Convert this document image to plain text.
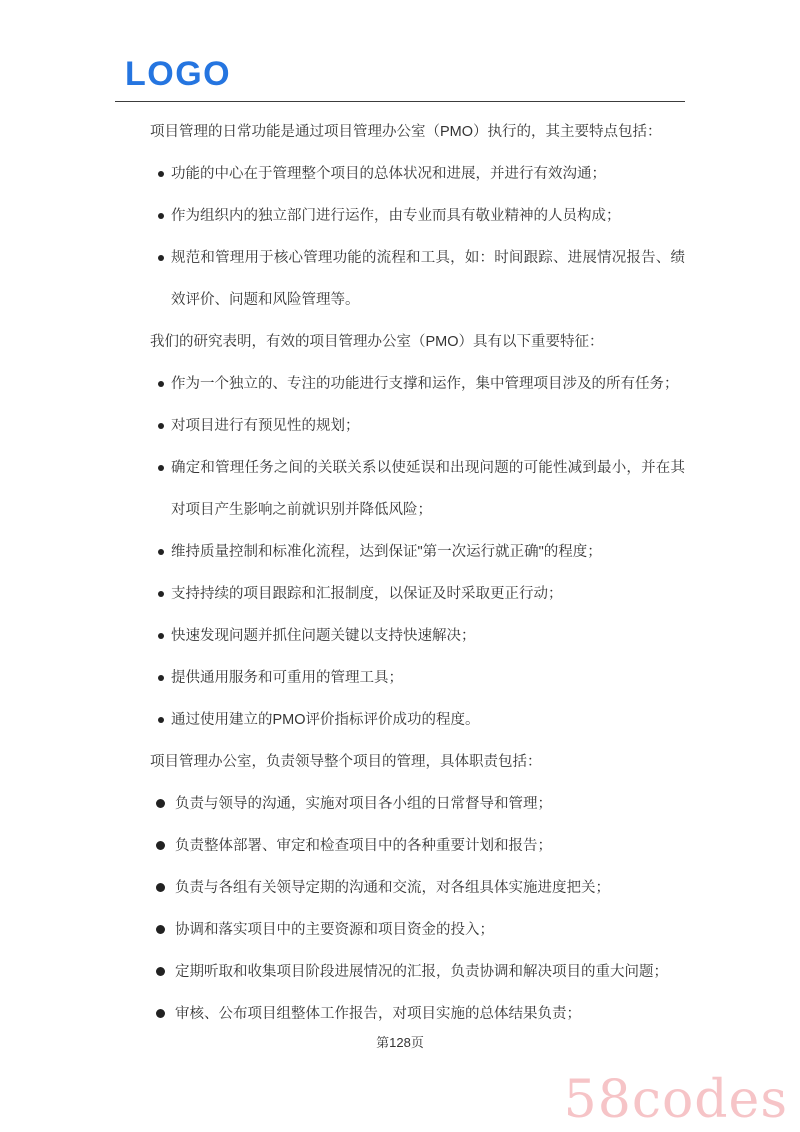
LOGO

项目管理的日常功能是通过项目管理办公室（PMO）执行的，其主要特点包括：

功能的中心在于管理整个项目的总体状况和进展，并进行有效沟通；
作为组织内的独立部门进行运作，由专业而具有敬业精神的人员构成；
规范和管理用于核心管理功能的流程和工具，如：时间跟踪、进展情况报告、绩效评价、问题和风险管理等。

我们的研究表明，有效的项目管理办公室（PMO）具有以下重要特征：

作为一个独立的、专注的功能进行支撑和运作，集中管理项目涉及的所有任务；
对项目进行有预见性的规划；
确定和管理任务之间的关联关系以使延误和出现问题的可能性减到最小，并在其对项目产生影响之前就识别并降低风险；
维持质量控制和标准化流程，达到保证"第一次运行就正确"的程度；
支持持续的项目跟踪和汇报制度，以保证及时采取更正行动；
快速发现问题并抓住问题关键以支持快速解决；
提供通用服务和可重用的管理工具；
通过使用建立的PMO评价指标评价成功的程度。

项目管理办公室，负责领导整个项目的管理，具体职责包括：

负责与领导的沟通，实施对项目各小组的日常督导和管理；
负责整体部署、审定和检查项目中的各种重要计划和报告；
负责与各组有关领导定期的沟通和交流，对各组具体实施进度把关；
协调和落实项目中的主要资源和项目资金的投入；
定期听取和收集项目阶段进展情况的汇报，负责协调和解决项目的重大问题；
审核、公布项目组整体工作报告，对项目实施的总体结果负责；
第128页
58codes
